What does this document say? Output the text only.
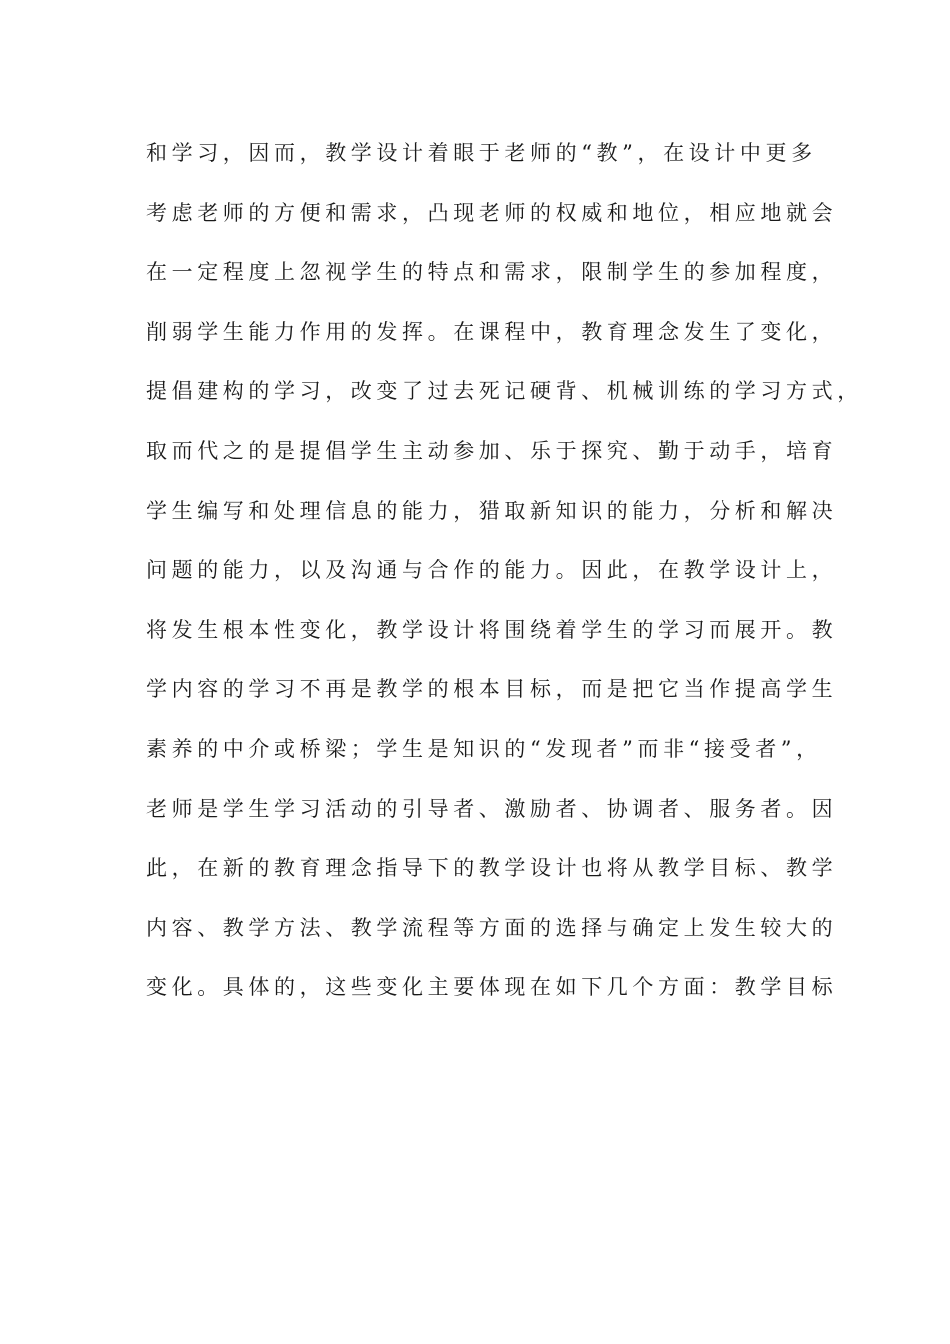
和学习，因而，教学设计着眼于老师的“教”，在设计中更多
考虑老师的方便和需求，凸现老师的权威和地位，相应地就会
在一定程度上忽视学生的特点和需求，限制学生的参加程度，
削弱学生能力作用的发挥。在课程中，教育理念发生了变化，
提倡建构的学习，改变了过去死记硬背、机械训练的学习方式，
取而代之的是提倡学生主动参加、乐于探究、勤于动手，培育
学生编写和处理信息的能力，猎取新知识的能力，分析和解决
问题的能力，以及沟通与合作的能力。因此，在教学设计上，
将发生根本性变化，教学设计将围绕着学生的学习而展开。教
学内容的学习不再是教学的根本目标，而是把它当作提高学生
素养的中介或桥梁；学生是知识的“发现者”而非“接受者”，
老师是学生学习活动的引导者、激励者、协调者、服务者。因
此，在新的教育理念指导下的教学设计也将从教学目标、教学
内容、教学方法、教学流程等方面的选择与确定上发生较大的
变化。具体的，这些变化主要体现在如下几个方面：教学目标
